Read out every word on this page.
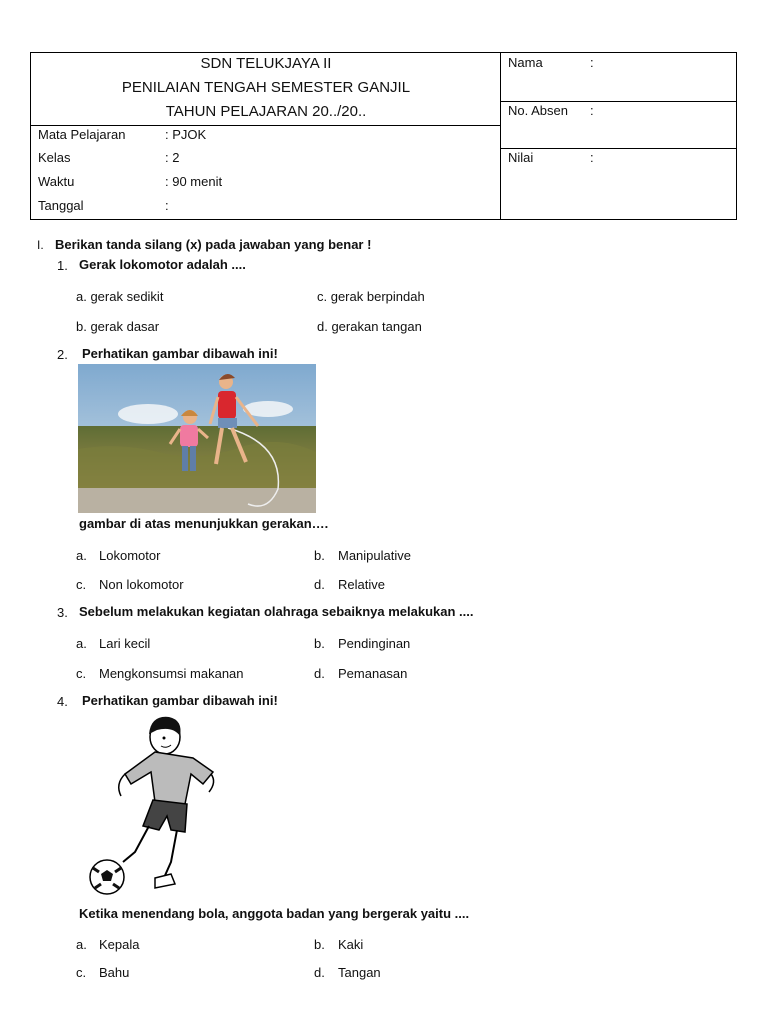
SDN TELUKJAYA II
PENILAIAN TENGAH SEMESTER GANJIL
TAHUN PELAJARAN 20../20..
Mata Pelajaran	: PJOK
Kelas	: 2
Waktu	: 90 menit
Tanggal	:
Nama	:
No. Absen :
Nilai	:
I. Berikan tanda silang (x) pada jawaban yang benar !
1. Gerak lokomotor adalah ....
a. gerak sedikit	c. gerak berpindah
b. gerak dasar	d. gerakan tangan
2. Perhatikan gambar dibawah ini!
gambar di atas menunjukkan gerakan….
a. Lokomotor	b. Manipulative
c. Non lokomotor	d. Relative
3. Sebelum melakukan kegiatan olahraga sebaiknya melakukan ....
a. Lari kecil	b. Pendinginan
c. Mengkonsumsi makanan	d. Pemanasan
4. Perhatikan gambar dibawah ini!
Ketika menendang bola, anggota badan yang bergerak yaitu ....
a. Kepala	b. Kaki
c. Bahu	d. Tangan
